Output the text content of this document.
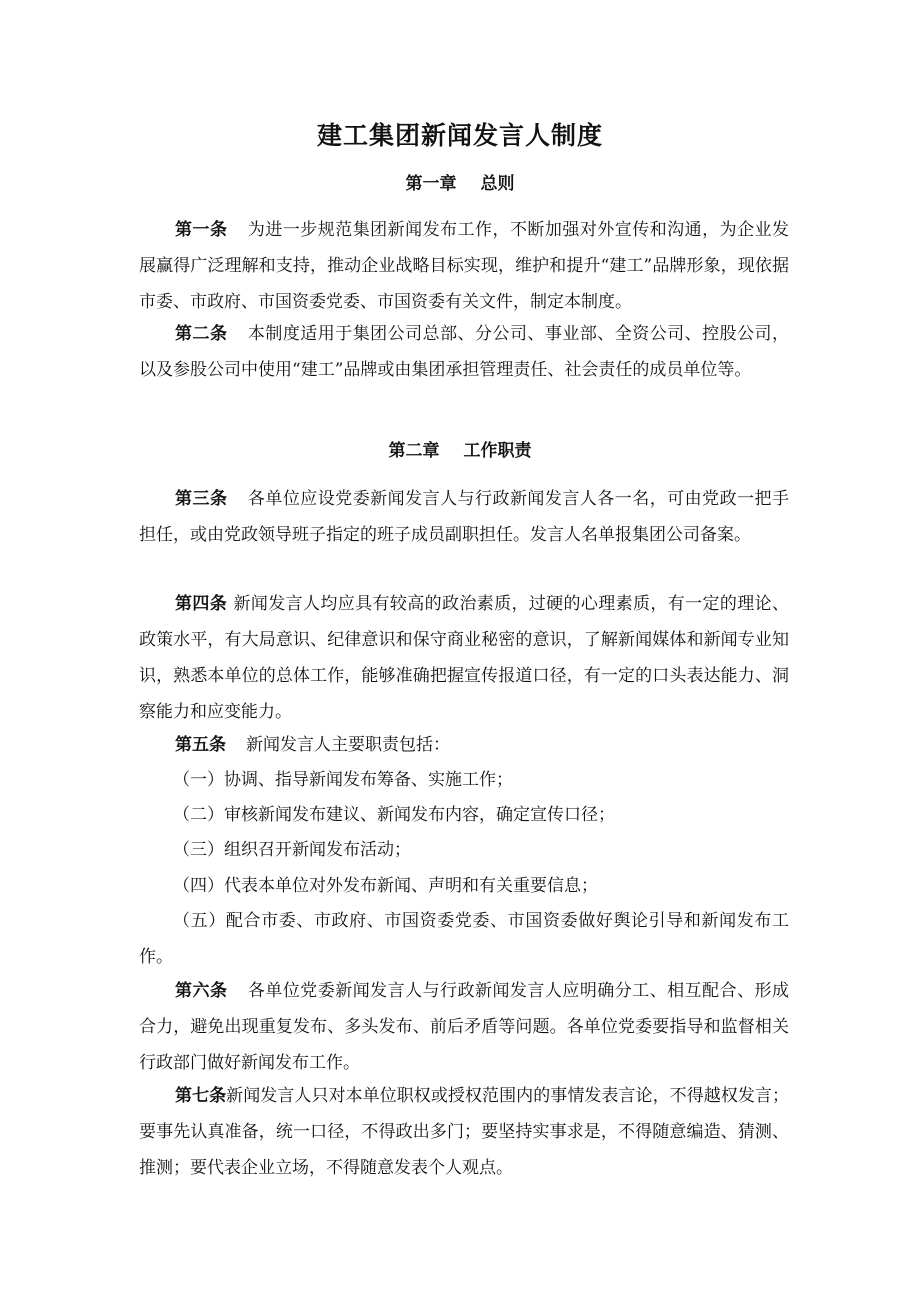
建工集团新闻发言人制度
第一章 总则

第一条 为进一步规范集团新闻发布工作，不断加强对外宣传和沟通，为企业发展赢得广泛理解和支持，推动企业战略目标实现，维护和提升“建工”品牌形象，现依据市委、市政府、市国资委党委、市国资委有关文件，制定本制度。

第二条 本制度适用于集团公司总部、分公司、事业部、全资公司、控股公司，以及参股公司中使用“建工”品牌或由集团承担管理责任、社会责任的成员单位等。

第二章 工作职责

第三条 各单位应设党委新闻发言人与行政新闻发言人各一名，可由党政一把手担任，或由党政领导班子指定的班子成员副职担任。发言人名单报集团公司备案。

第四条 新闻发言人均应具有较高的政治素质，过硬的心理素质，有一定的理论、政策水平，有大局意识、纪律意识和保守商业秘密的意识，了解新闻媒体和新闻专业知识，熟悉本单位的总体工作，能够准确把握宣传报道口径，有一定的口头表达能力、洞察能力和应变能力。

第五条 新闻发言人主要职责包括：

（一）协调、指导新闻发布筹备、实施工作；

（二）审核新闻发布建议、新闻发布内容，确定宣传口径；

（三）组织召开新闻发布活动；

（四）代表本单位对外发布新闻、声明和有关重要信息；

（五）配合市委、市政府、市国资委党委、市国资委做好舆论引导和新闻发布工作。

第六条 各单位党委新闻发言人与行政新闻发言人应明确分工、相互配合、形成合力，避免出现重复发布、多头发布、前后矛盾等问题。各单位党委要指导和监督相关行政部门做好新闻发布工作。

第七条新闻发言人只对本单位职权或授权范围内的事情发表言论，不得越权发言；要事先认真准备，统一口径，不得政出多门；要坚持实事求是，不得随意编造、猜测、推测；要代表企业立场，不得随意发表个人观点。
